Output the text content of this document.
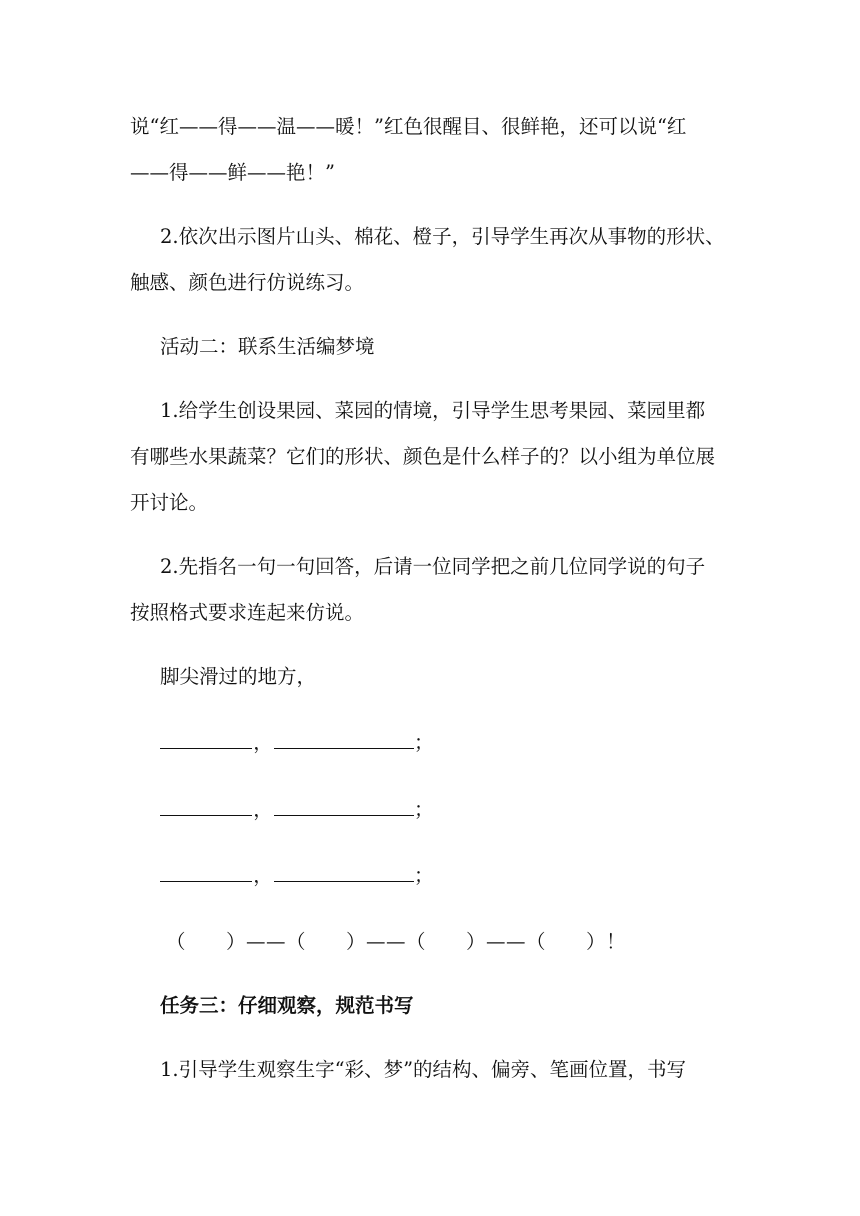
说“红——得——温——暖！”红色很醒目、很鲜艳，还可以说“红
——得——鲜——艳！”
2.依次出示图片山头、棉花、橙子，引导学生再次从事物的形状、
触感、颜色进行仿说练习。
活动二：联系生活编梦境
1.给学生创设果园、菜园的情境，引导学生思考果园、菜园里都
有哪些水果蔬菜？它们的形状、颜色是什么样子的？以小组为单位展
开讨论。
2.先指名一句一句回答，后请一位同学把之前几位同学说的句子
按照格式要求连起来仿说。
脚尖滑过的地方，
，	；
，	；
，	；
（　　）——（　　）——（　　）——（　　）！
任务三：仔细观察，规范书写
1.引导学生观察生字“彩、梦”的结构、偏旁、笔画位置，书写
